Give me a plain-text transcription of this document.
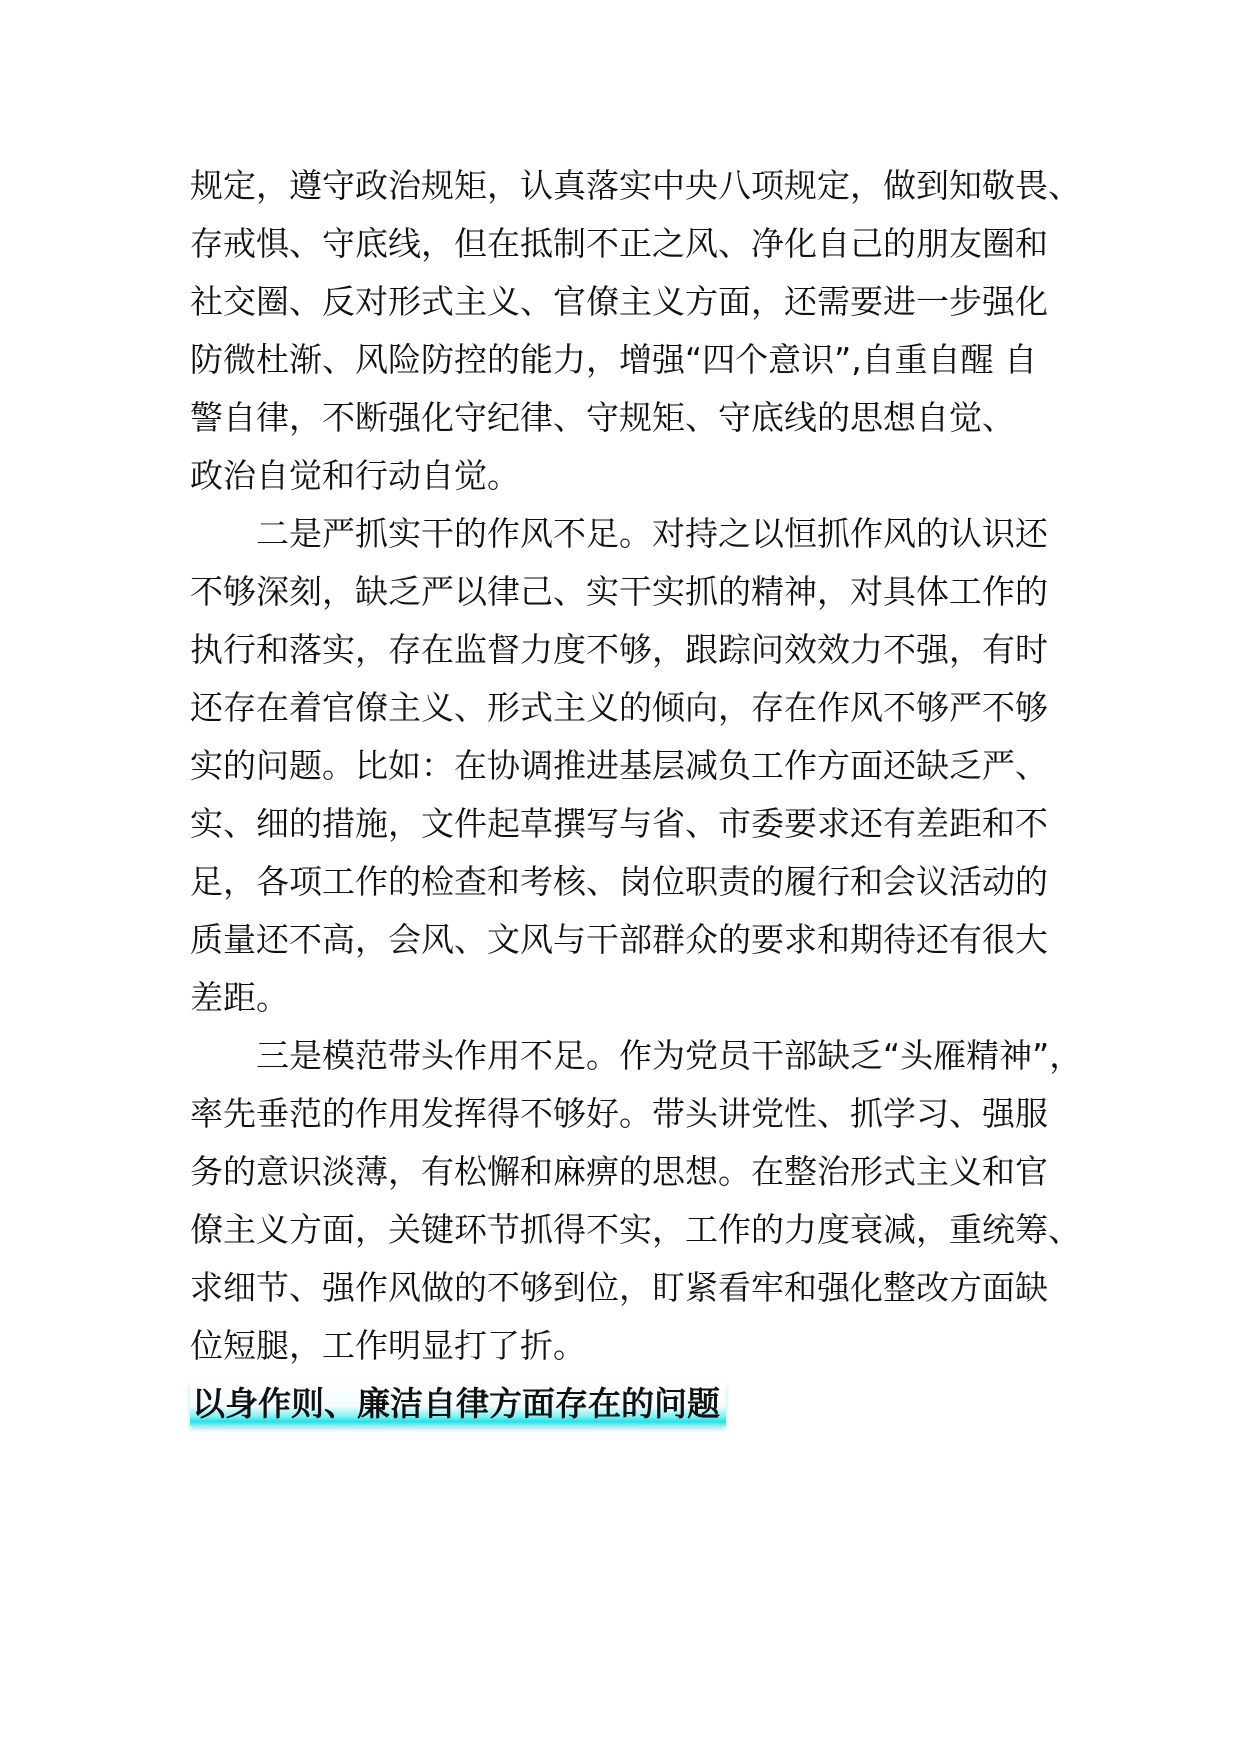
规定，遵守政治规矩，认真落实中央八项规定，做到知敬畏、
存戒惧、守底线，但在抵制不正之风、净化自己的朋友圈和
社交圈、反对形式主义、官僚主义方面，还需要进一步强化
防微杜渐、风险防控的能力，增强“四个意识”,自重自醒 自
警自律，不断强化守纪律、守规矩、守底线的思想自觉、
政治自觉和行动自觉。
　　二是严抓实干的作风不足。对持之以恒抓作风的认识还
不够深刻，缺乏严以律己、实干实抓的精神，对具体工作的
执行和落实，存在监督力度不够，跟踪问效效力不强，有时
还存在着官僚主义、形式主义的倾向，存在作风不够严不够
实的问题。比如：在协调推进基层减负工作方面还缺乏严、
实、细的措施，文件起草撰写与省、市委要求还有差距和不
足，各项工作的检查和考核、岗位职责的履行和会议活动的
质量还不高，会风、文风与干部群众的要求和期待还有很大
差距。
　　三是模范带头作用不足。作为党员干部缺乏“头雁精神”，
率先垂范的作用发挥得不够好。带头讲党性、抓学习、强服
务的意识淡薄，有松懈和麻痹的思想。在整治形式主义和官
僚主义方面，关键环节抓得不实，工作的力度衰减，重统筹、
求细节、强作风做的不够到位，盯紧看牢和强化整改方面缺
位短腿，工作明显打了折。
以身作则、廉洁自律方面存在的问题
